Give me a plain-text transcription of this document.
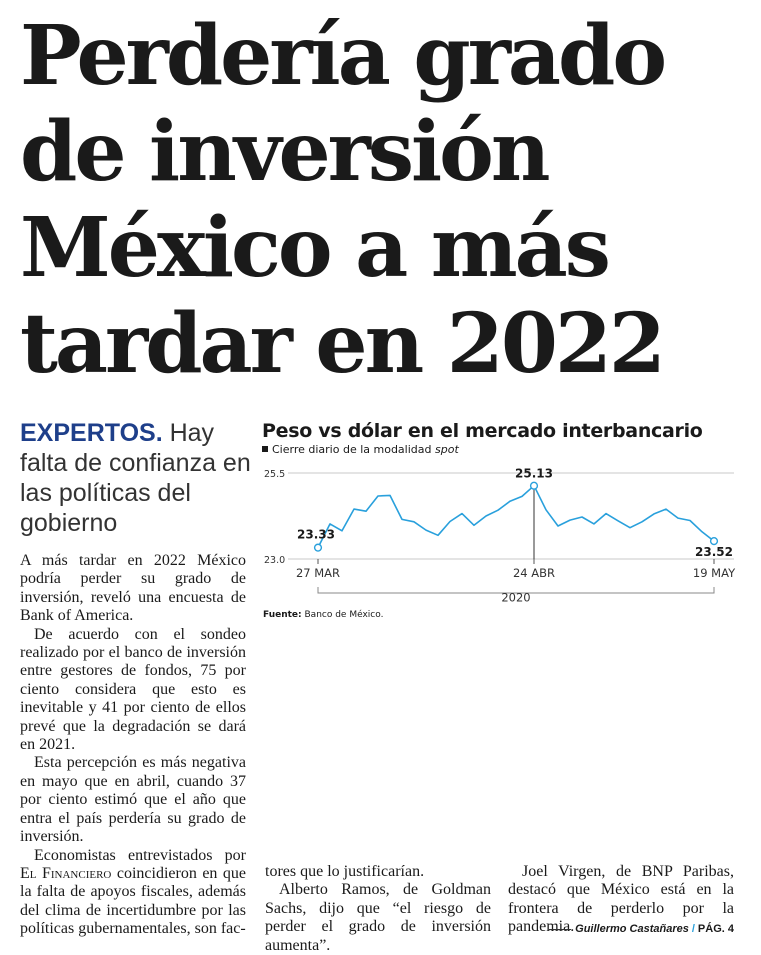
Perdería grado
de inversión
México a más
tardar en 2022
EXPERTOS. Hay falta de confianza en las políticas del gobierno
Peso vs dólar en el mercado interbancario
Cierre diario de la modalidad spot
25.5
23.0
27 MAR	24 ABR	19 MAY
2020
23.33
25.13
23.52
Fuente: Banco de México.

A más tardar en 2022 México podría perder su grado de inversión, reveló una encuesta de Bank of America.

De acuerdo con el sondeo realizado por el banco de inversión entre gestores de fondos, 75 por ciento considera que esto es inevitable y 41 por ciento de ellos prevé que la degradación se dará en 2021.

Esta percepción es más negativa en mayo que en abril, cuando 37 por ciento estimó que el año que entra el país perdería su grado de inversión.

Economistas entrevistados por El Financiero coincidieron en que la falta de apoyos fiscales, además del clima de incertidumbre por las políticas gubernamentales, son fac-

tores que lo justificarían.

Alberto Ramos, de Goldman Sachs, dijo que “el riesgo de perder el grado de inversión aumenta”.

Joel Virgen, de BNP Paribas, destacó que México está en la frontera de perderlo por la pandemia. Guillermo Castañares / PÁG. 4
